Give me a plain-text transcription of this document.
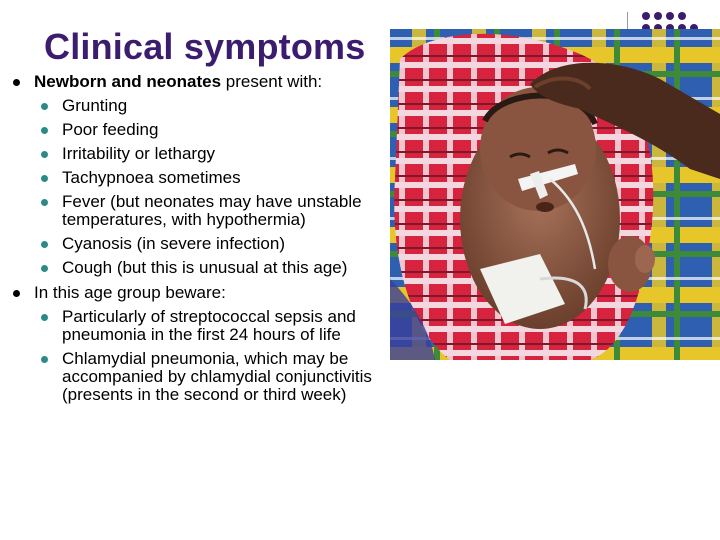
Clinical symptoms
Newborn and neonates present with:
Grunting
Poor feeding
Irritability or lethargy
Tachypnoea sometimes
Fever (but neonates may have unstable temperatures, with hypothermia)
Cyanosis (in severe infection)
Cough (but this is unusual at this age)
In this age group beware:
Particularly of streptococcal sepsis and pneumonia in the first 24 hours of life
Chlamydial pneumonia, which may be accompanied by chlamydial conjunctivitis (presents in the second or third week)
